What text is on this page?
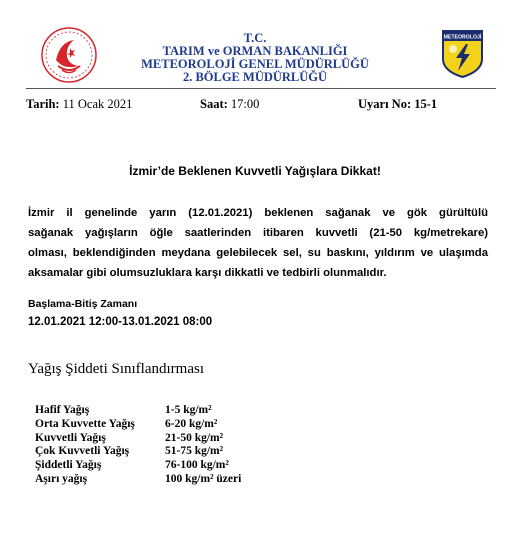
METEOROLOJİ
T.C.
TARIM ve ORMAN BAKANLIĞI
METEOROLOJİ GENEL MÜDÜRLÜĞÜ
2. BÖLGE MÜDÜRLÜĞÜ
Tarih: 11 Ocak 2021	Saat: 17:00	Uyarı No: 15-1
İzmir’de Beklenen Kuvvetli Yağışlara Dikkat!
İzmir il genelinde yarın (12.01.2021) beklenen sağanak ve gök gürültülü
sağanak yağışların öğle saatlerinden itibaren kuvvetli (21-50 kg/metrekare)
olması, beklendiğinden meydana gelebilecek sel, su baskını, yıldırım ve ulaşımda
aksamalar gibi olumsuzluklara karşı dikkatli ve tedbirli olunmalıdır.
Başlama-Bitiş Zamanı
12.01.2021 12:00-13.01.2021 08:00
Yağış Şiddeti Sınıflandırması
Hafif Yağış	1-5 kg/m²
Orta Kuvvette Yağış	6-20 kg/m²
Kuvvetli Yağış	21-50 kg/m²
Çok Kuvvetli Yağış	51-75 kg/m²
Şiddetli Yağış	76-100 kg/m²
Aşırı yağış	100 kg/m² üzeri
